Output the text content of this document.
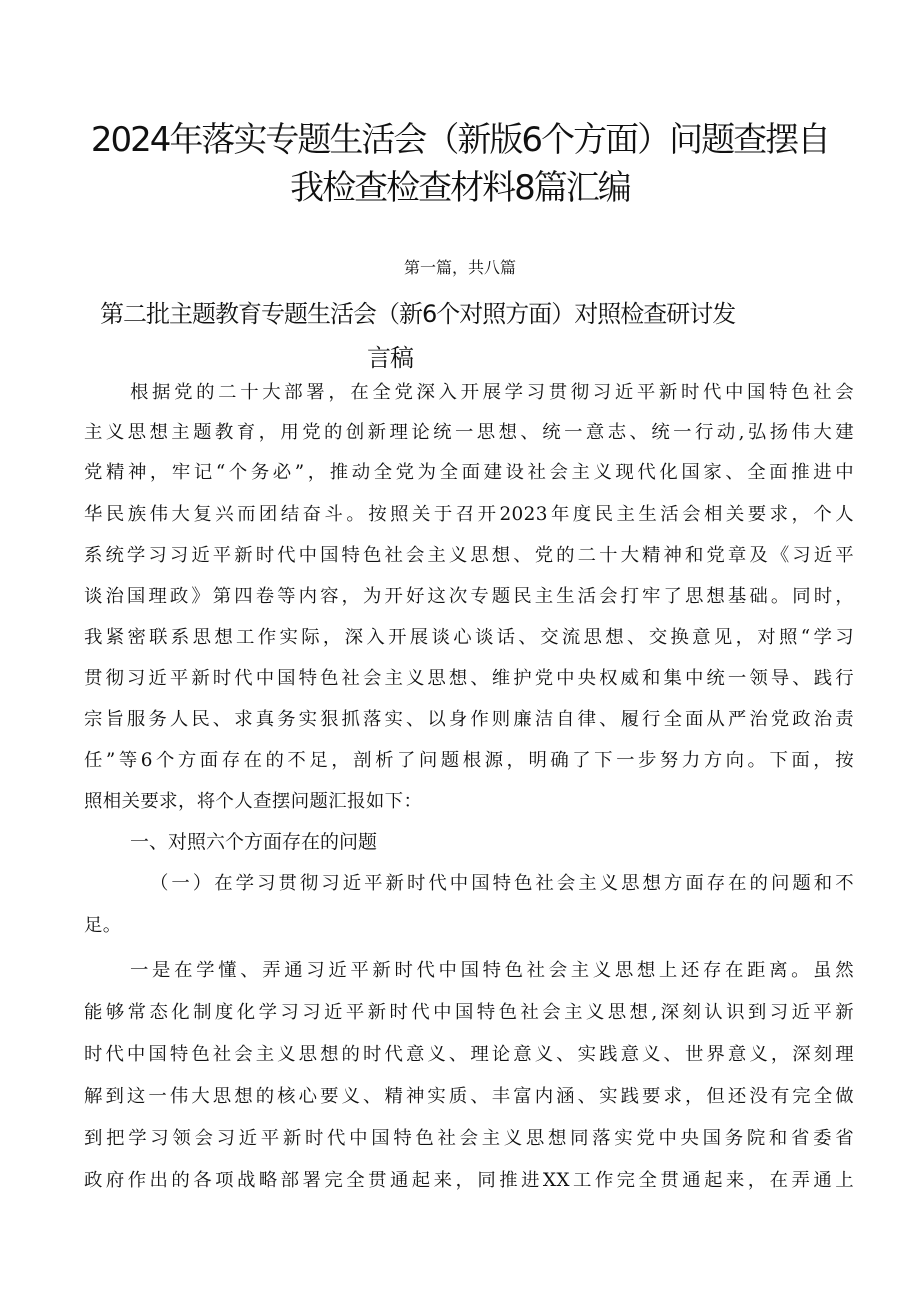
2024年落实专题生活会（新版6个方面）问题查摆自
我检查检查材料8篇汇编
第一篇，共八篇
第二批主题教育专题生活会（新6个对照方面）对照检查研讨发
言稿
根据党的二十大部署，在全党深入开展学习贯彻习近平新时代中国特色社会
主义思想主题教育，用党的创新理论统一思想、统一意志、统一行动,弘扬伟大建
党精神，牢记“个务必”，推动全党为全面建设社会主义现代化国家、全面推进中
华民族伟大复兴而团结奋斗。按照关于召开2023年度民主生活会相关要求，个人
系统学习习近平新时代中国特色社会主义思想、党的二十大精神和党章及《习近平
谈治国理政》第四卷等内容，为开好这次专题民主生活会打牢了思想基础。同时，
我紧密联系思想工作实际，深入开展谈心谈话、交流思想、交换意见，对照“学习
贯彻习近平新时代中国特色社会主义思想、维护党中央权威和集中统一领导、践行
宗旨服务人民、求真务实狠抓落实、以身作则廉洁自律、履行全面从严治党政治责
任”等6个方面存在的不足，剖析了问题根源，明确了下一步努力方向。下面，按
照相关要求，将个人查摆问题汇报如下：
一、对照六个方面存在的问题
（一）在学习贯彻习近平新时代中国特色社会主义思想方面存在的问题和不
足。
一是在学懂、弄通习近平新时代中国特色社会主义思想上还存在距离。虽然
能够常态化制度化学习习近平新时代中国特色社会主义思想,深刻认识到习近平新
时代中国特色社会主义思想的时代意义、理论意义、实践意义、世界意义，深刻理
解到这一伟大思想的核心要义、精神实质、丰富内涵、实践要求，但还没有完全做
到把学习领会习近平新时代中国特色社会主义思想同落实党中央国务院和省委省
政府作出的各项战略部署完全贯通起来，同推进XX工作完全贯通起来，在弄通上
